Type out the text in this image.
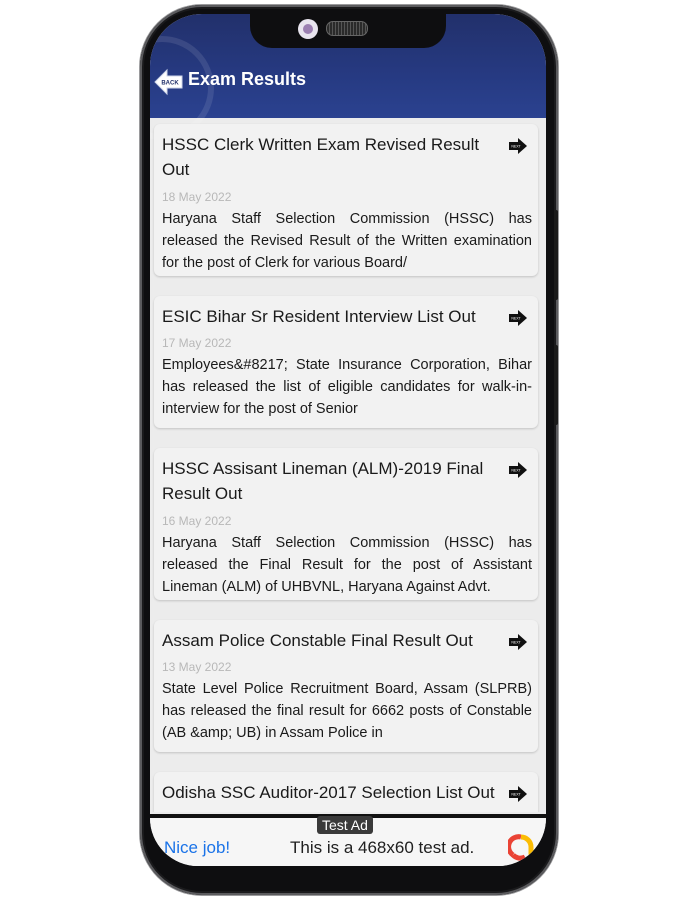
BACK Exam Results
HSSC Clerk Written Exam Revised Result Out
NEXT
18 May 2022
Haryana Staff Selection Commission (HSSC) has released the Revised Result of the Written examination for the post of Clerk for various Board/
ESIC Bihar Sr Resident Interview List Out	NEXT
17 May 2022
Employees&#8217; State Insurance Corporation, Bihar has released the list of eligible candidates for walk-in-interview for the post of Senior
HSSC Assisant Lineman (ALM)-2019 Final Result Out
NEXT
16 May 2022
Haryana Staff Selection Commission (HSSC) has released the Final Result for the post of Assistant Lineman (ALM) of UHBVNL, Haryana Against Advt.
Assam Police Constable Final Result Out	NEXT
13 May 2022
State Level Police Recruitment Board, Assam (SLPRB) has released the final result for 6662 posts of Constable (AB &amp; UB) in Assam Police in
Odisha SSC Auditor-2017 Selection List Out	NEXT
Test Ad
Nice job!	This is a 468x60 test ad.
